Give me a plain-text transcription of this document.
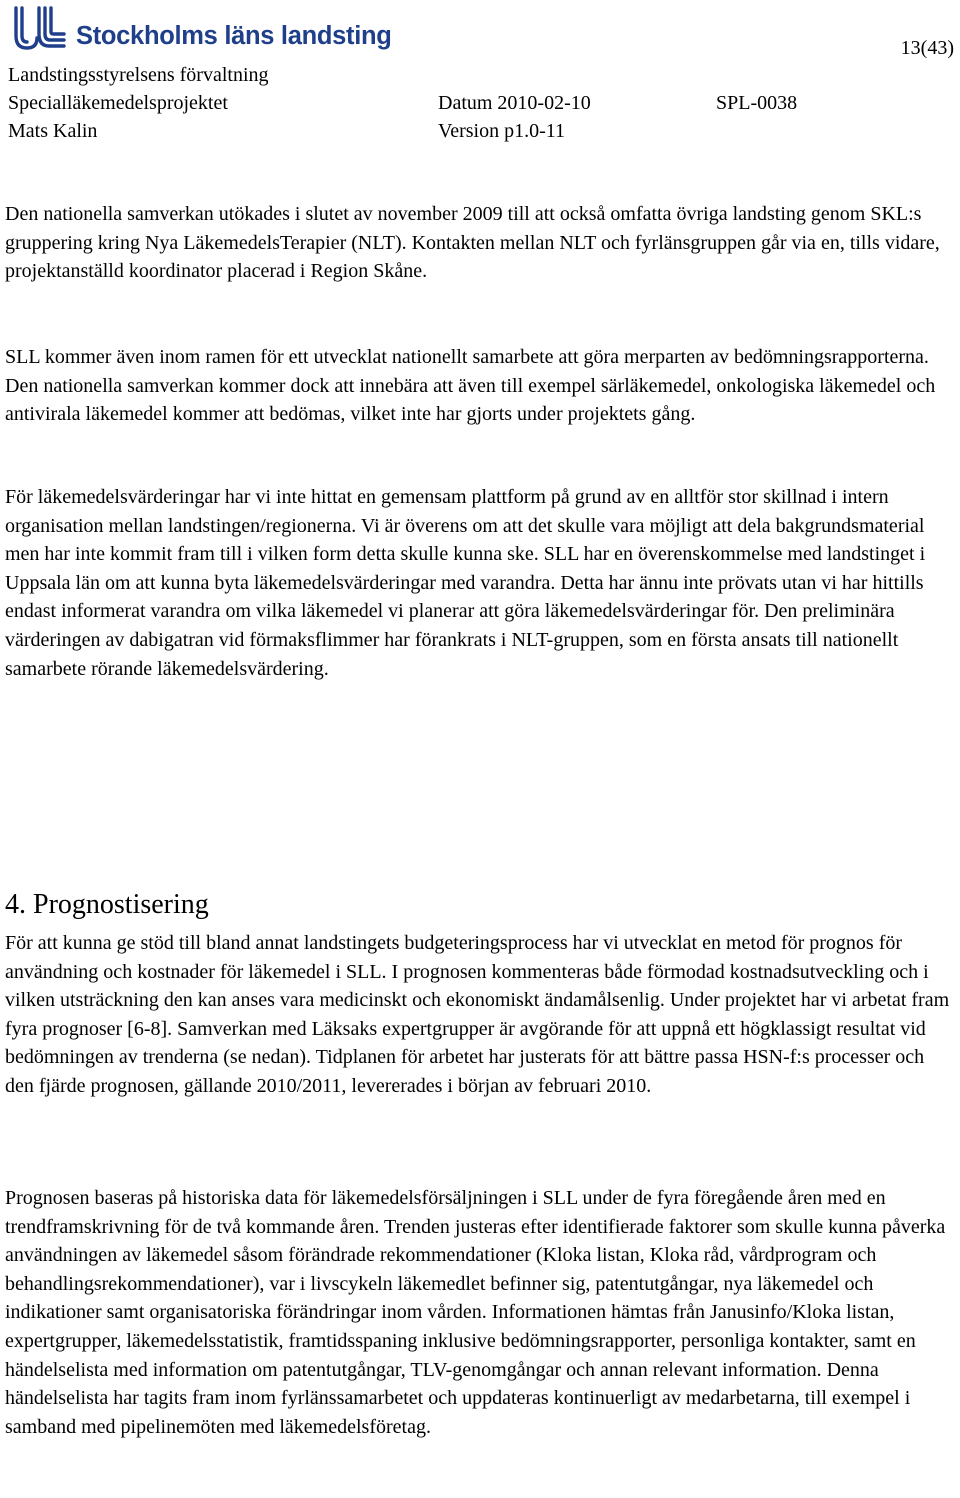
Stockholms läns landsting	13(43)
Landstingsstyrelsens förvaltning
Specialläkemedelsprojektet	Datum 2010-02-10	SPL-0038
Mats Kalin	Version p1.0-11

Den nationella samverkan utökades i slutet av november 2009 till att också omfatta övriga landsting genom SKL:s gruppering kring Nya LäkemedelsTerapier (NLT). Kontakten mellan NLT och fyrlänsgruppen går via en, tills vidare, projektanställd koordinator placerad i Region Skåne.

SLL kommer även inom ramen för ett utvecklat nationellt samarbete att göra merparten av bedömningsrapporterna. Den nationella samverkan kommer dock att innebära att även till exempel särläkemedel, onkologiska läkemedel och antivirala läkemedel kommer att bedömas, vilket inte har gjorts under projektets gång.

För läkemedelsvärderingar har vi inte hittat en gemensam plattform på grund av en alltför stor skillnad i intern organisation mellan landstingen/regionerna. Vi är överens om att det skulle vara möjligt att dela bakgrundsmaterial men har inte kommit fram till i vilken form detta skulle kunna ske. SLL har en överenskommelse med landstinget i Uppsala län om att kunna byta läkemedelsvärderingar med varandra. Detta har ännu inte prövats utan vi har hittills endast informerat varandra om vilka läkemedel vi planerar att göra läkemedelsvärderingar för. Den preliminära värderingen av dabigatran vid förmaksflimmer har förankrats i NLT-gruppen, som en första ansats till nationellt samarbete rörande läkemedelsvärdering.

4. Prognostisering

För att kunna ge stöd till bland annat landstingets budgeteringsprocess har vi utvecklat en metod för prognos för användning och kostnader för läkemedel i SLL. I prognosen kommenteras både förmodad kostnadsutveckling och i vilken utsträckning den kan anses vara medicinskt och ekonomiskt ändamålsenlig. Under projektet har vi arbetat fram fyra prognoser [6-8]. Samverkan med Läksaks expertgrupper är avgörande för att uppnå ett högklassigt resultat vid bedömningen av trenderna (se nedan). Tidplanen för arbetet har justerats för att bättre passa HSN-f:s processer och den fjärde prognosen, gällande 2010/2011, levererades i början av februari 2010.

Prognosen baseras på historiska data för läkemedelsförsäljningen i SLL under de fyra föregående åren med en trendframskrivning för de två kommande åren. Trenden justeras efter identifierade faktorer som skulle kunna påverka användningen av läkemedel såsom förändrade rekommendationer (Kloka listan, Kloka råd, vårdprogram och behandlingsrekommendationer), var i livscykeln läkemedlet befinner sig, patentutgångar, nya läkemedel och indikationer samt organisatoriska förändringar inom vården. Informationen hämtas från Janusinfo/Kloka listan, expertgrupper, läkemedelsstatistik, framtidsspaning inklusive bedömningsrapporter, personliga kontakter, samt en händelselista med information om patentutgångar, TLV-genomgångar och annan relevant information. Denna händelselista har tagits fram inom fyrlänssamarbetet och uppdateras kontinuerligt av medarbetarna, till exempel i samband med pipelinemöten med läkemedelsföretag.
